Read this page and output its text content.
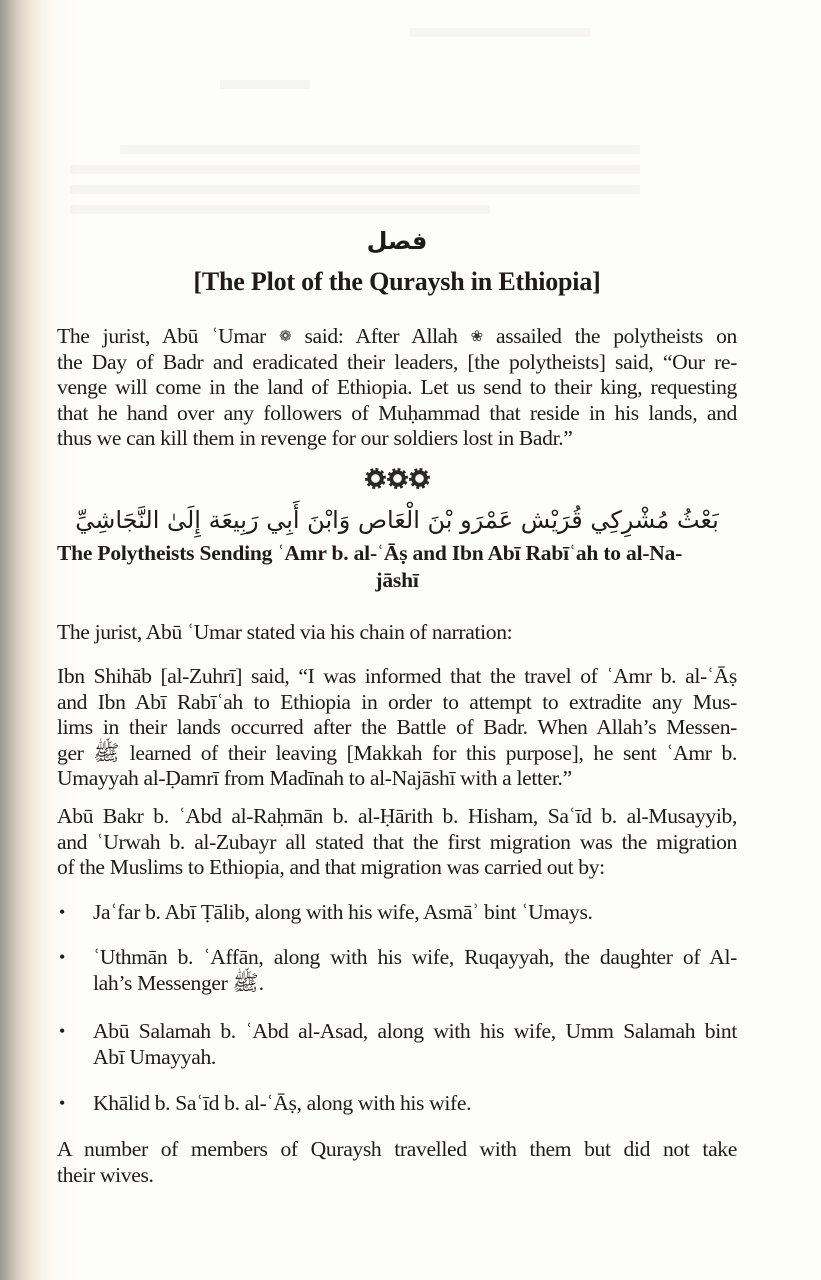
فصل
[The Plot of the Quraysh in Ethiopia]

The jurist, Abū ʿUmar ❁ said: After Allah ❀ assailed the polytheists on
the Day of Badr and eradicated their leaders, [the polytheists] said, “Our re-
venge will come in the land of Ethiopia. Let us send to their king, requesting
that he hand over any followers of Muḥammad that reside in his lands, and
thus we can kill them in revenge for our soldiers lost in Badr.”

بَعْثُ مُشْرِكِي قُرَيْش عَمْرَو بْنَ الْعَاص وَابْنَ أَبِي رَبِيعَة إِلَىٰ النَّجَاشِيِّ
The Polytheists Sending ʿAmr b. al-ʿĀṣ and Ibn Abī Rabīʿah to al-Na-
jāshī

The jurist, Abū ʿUmar stated via his chain of narration:

Ibn Shihāb [al-Zuhrī] said, “I was informed that the travel of ʿAmr b. al-ʿĀṣ
and Ibn Abī Rabīʿah to Ethiopia in order to attempt to extradite any Mus-
lims in their lands occurred after the Battle of Badr. When Allah’s Messen-
ger ﷺ learned of their leaving [Makkah for this purpose], he sent ʿAmr b.
Umayyah al-Ḍamrī from Madīnah to al-Najāshī with a letter.”

Abū Bakr b. ʿAbd al-Raḥmān b. al-Ḥārith b. Hisham, Saʿīd b. al-Musayyib,
and ʿUrwah b. al-Zubayr all stated that the first migration was the migration
of the Muslims to Ethiopia, and that migration was carried out by:

• Jaʿfar b. Abī Ṭālib, along with his wife, Asmāʾ bint ʿUmays.
• ʿUthmān b. ʿAffān, along with his wife, Ruqayyah, the daughter of Al-
lah’s Messenger ﷺ.
• Abū Salamah b. ʿAbd al-Asad, along with his wife, Umm Salamah bint
Abī Umayyah.
• Khālid b. Saʿīd b. al-ʿĀṣ, along with his wife.

A number of members of Quraysh travelled with them but did not take
their wives.
